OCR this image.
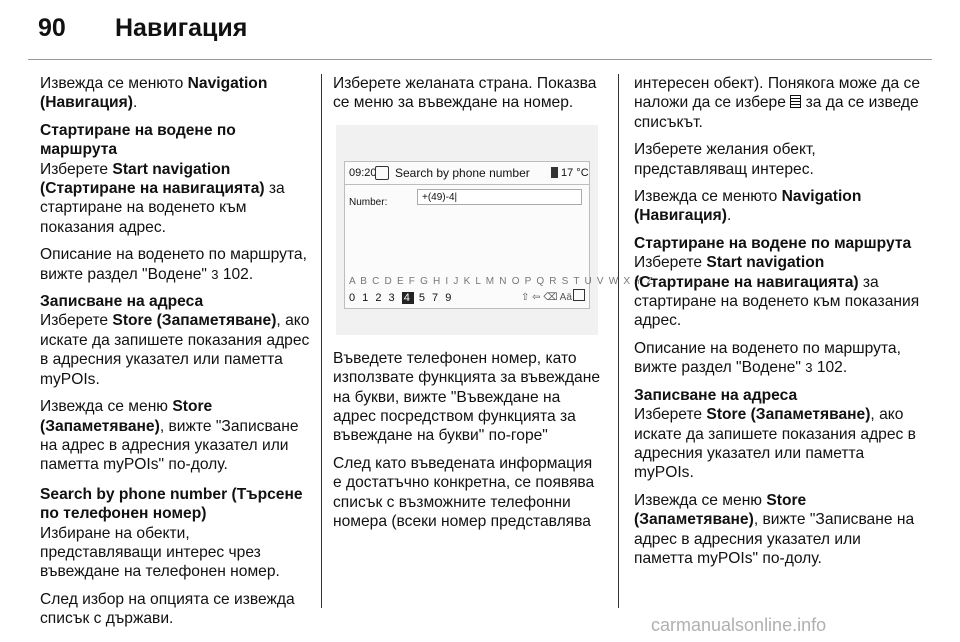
90 Навигация

Извежда се менюто Navigation (Навигация).

Стартиране на водене по маршрута

Изберете Start navigation (Стартиране на навигацията) за стартиране на воденето към показания адрес.

Описание на воденето по маршрута, вижте раздел "Водене" 3 102.

Записване на адреса

Изберете Store (Запаметяване), ако искате да запишете показания адрес в адресния указател или паметта myPOIs.

Извежда се меню Store (Запаметяване), вижте "Записване на адрес в адресния указател или паметта myPOIs" по-долу.

Search by phone number (Търсене по телефонен номер)

Избиране на обекти, представляващи интерес чрез въвеждане на телефонен номер.

След избор на опцията се извежда списък с държави.

Изберете желаната страна. Показва се меню за въвеждане на номер.

09:20 Search by phone number	17 °C
Number:	+(49)-4|
A B C D E F G H I J K L M N O P Q R S T U V W X Y Z
0 1 2 3 4 5 7 9	⇧ ⇦ ⌫ Aä

Въведете телефонен номер, като използвате функцията за въвеждане на букви, вижте "Въвеждане на адрес посредством функцията за въвеждане на букви" по-горе"

След като въведената информация е достатъчно конкретна, се появява списък с възможните телефонни номера (всеки номер представлява

интересен обект). Понякога може да се наложи да се избере  за да се изведе списъкът.

Изберете желания обект, представляващ интерес.

Извежда се менюто Navigation (Навигация).

Стартиране на водене по маршрута

Изберете Start navigation (Стартиране на навигацията) за стартиране на воденето към показания адрес.

Описание на воденето по маршрута, вижте раздел "Водене" 3 102.

Записване на адреса

Изберете Store (Запаметяване), ако искате да запишете показания адрес в адресния указател или паметта myPOIs.

Извежда се меню Store (Запаметяване), вижте "Записване на адрес в адресния указател или паметта myPOIs" по-долу.

carmanualsonline.info
